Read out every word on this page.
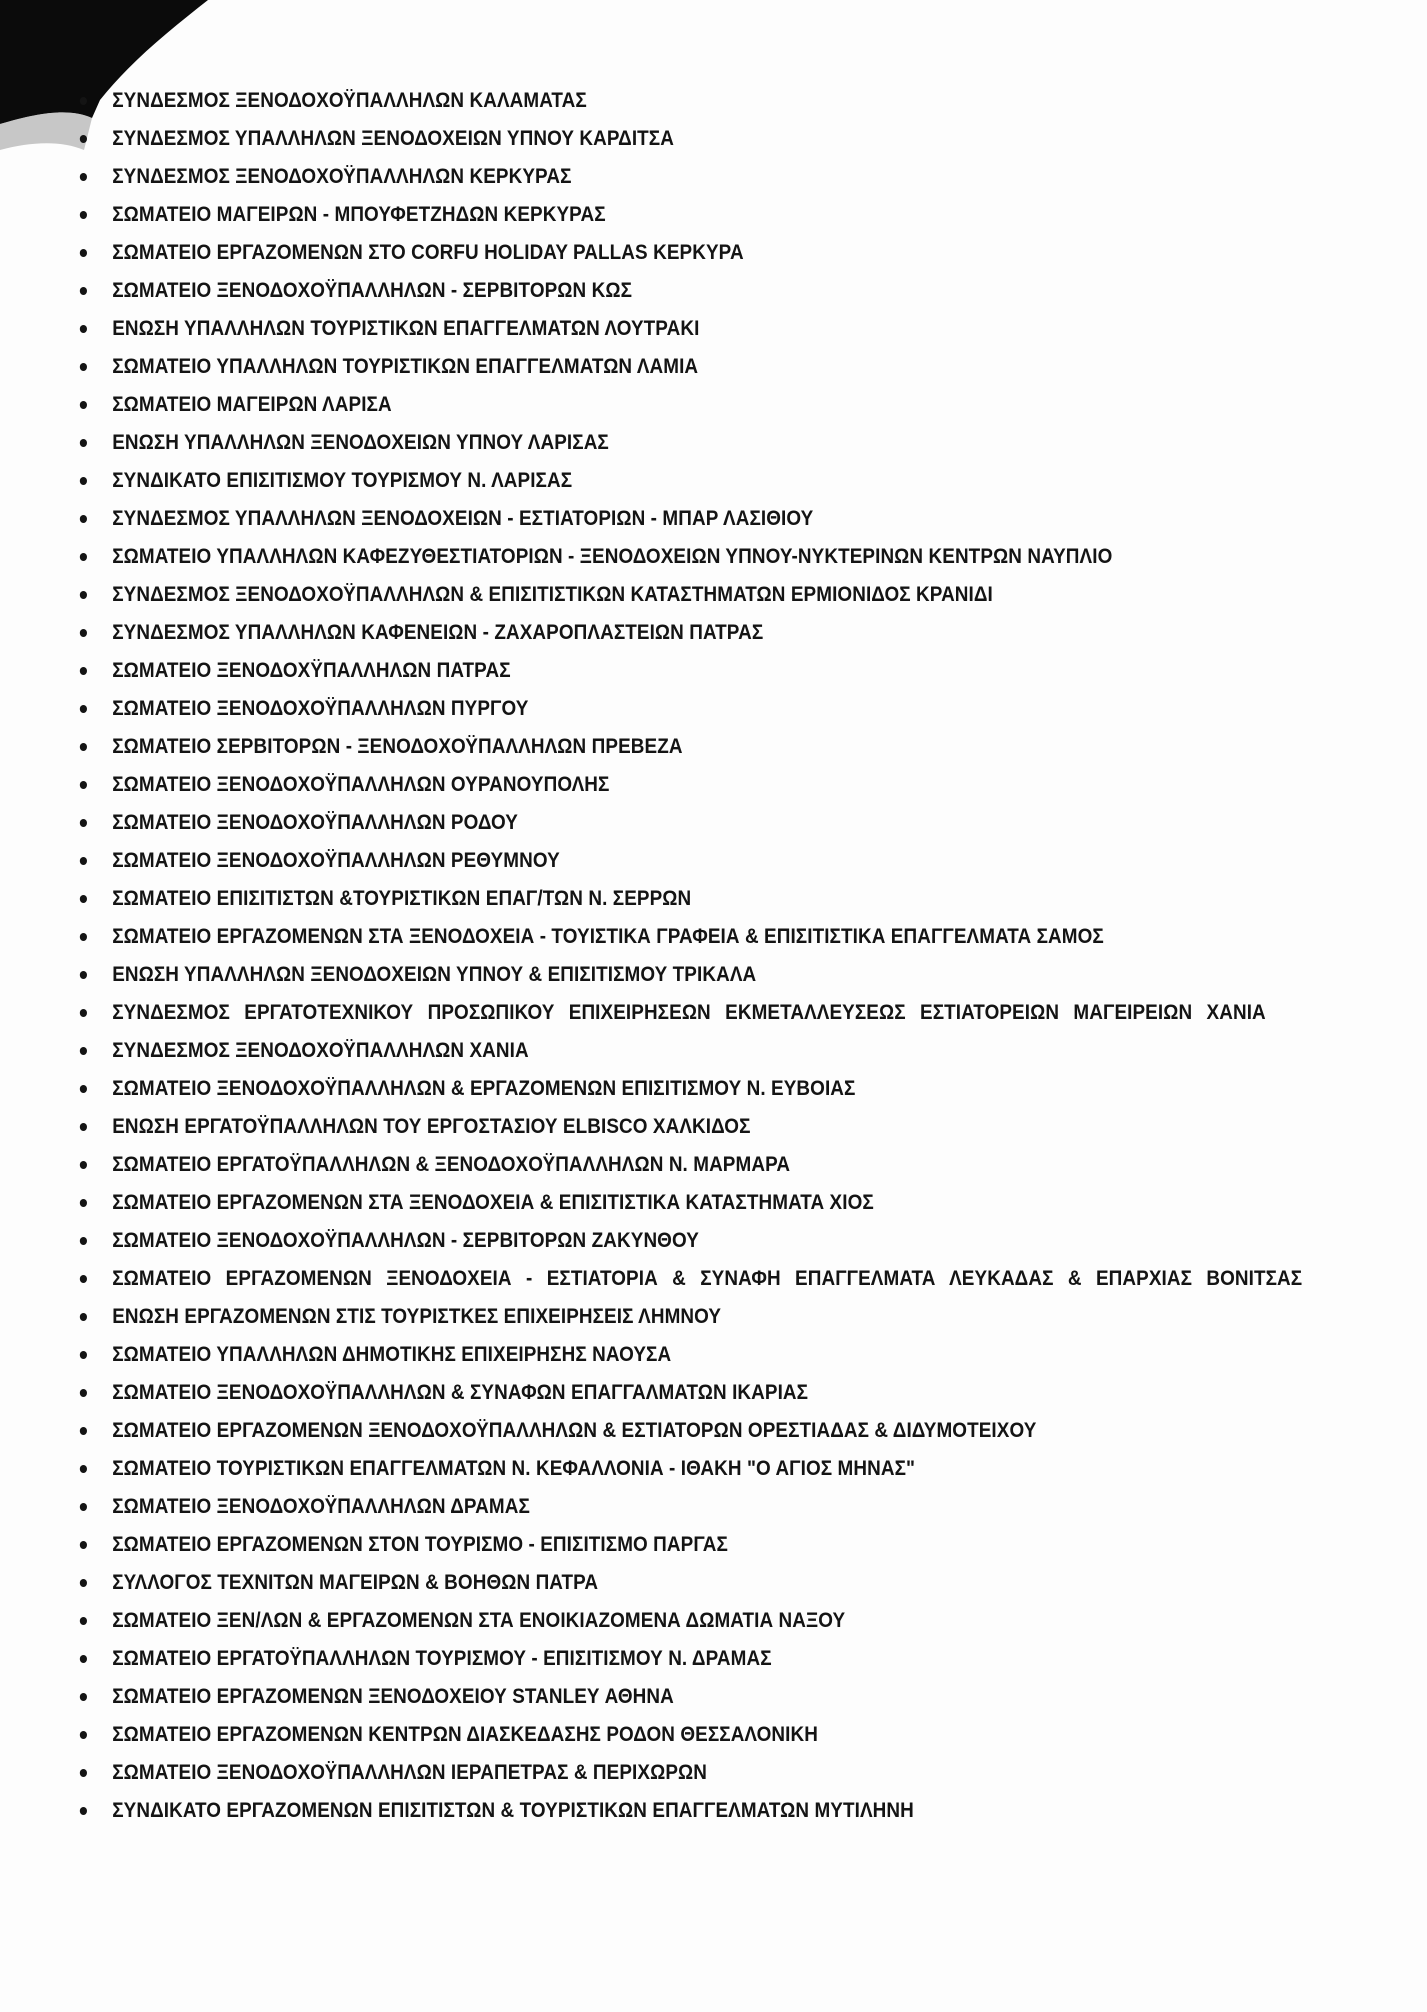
ΣΥΝΔΕΣΜΟΣ ΞΕΝΟΔΟΧΟΫΠΑΛΛΗΛΩΝ ΚΑΛΑΜΑΤΑΣ
ΣΥΝΔΕΣΜΟΣ ΥΠΑΛΛΗΛΩΝ ΞΕΝΟΔΟΧΕΙΩΝ ΥΠΝΟΥ ΚΑΡΔΙΤΣΑ
ΣΥΝΔΕΣΜΟΣ ΞΕΝΟΔΟΧΟΫΠΑΛΛΗΛΩΝ ΚΕΡΚΥΡΑΣ
ΣΩΜΑΤΕΙΟ ΜΑΓΕΙΡΩΝ - ΜΠΟΥΦΕΤΖΗΔΩΝ ΚΕΡΚΥΡΑΣ
ΣΩΜΑΤΕΙΟ ΕΡΓΑΖΟΜΕΝΩΝ ΣΤΟ CORFU HOLIDAY PALLAS ΚΕΡΚΥΡΑ
ΣΩΜΑΤΕΙΟ ΞΕΝΟΔΟΧΟΫΠΑΛΛΗΛΩΝ - ΣΕΡΒΙΤΟΡΩΝ ΚΩΣ
ΕΝΩΣΗ ΥΠΑΛΛΗΛΩΝ ΤΟΥΡΙΣΤΙΚΩΝ ΕΠΑΓΓΕΛΜΑΤΩΝ ΛΟΥΤΡΑΚΙ
ΣΩΜΑΤΕΙΟ ΥΠΑΛΛΗΛΩΝ ΤΟΥΡΙΣΤΙΚΩΝ ΕΠΑΓΓΕΛΜΑΤΩΝ ΛΑΜΙΑ
ΣΩΜΑΤΕΙΟ ΜΑΓΕΙΡΩΝ ΛΑΡΙΣΑ
ΕΝΩΣΗ ΥΠΑΛΛΗΛΩΝ ΞΕΝΟΔΟΧΕΙΩΝ ΥΠΝΟΥ ΛΑΡΙΣΑΣ
ΣΥΝΔΙΚΑΤΟ ΕΠΙΣΙΤΙΣΜΟΥ ΤΟΥΡΙΣΜΟΥ Ν. ΛΑΡΙΣΑΣ
ΣΥΝΔΕΣΜΟΣ ΥΠΑΛΛΗΛΩΝ ΞΕΝΟΔΟΧΕΙΩΝ - ΕΣΤΙΑΤΟΡΙΩΝ - ΜΠΑΡ ΛΑΣΙΘΙΟΥ
ΣΩΜΑΤΕΙΟ ΥΠΑΛΛΗΛΩΝ ΚΑΦΕΖΥΘΕΣΤΙΑΤΟΡΙΩΝ - ΞΕΝΟΔΟΧΕΙΩΝ ΥΠΝΟΥ-ΝΥΚΤΕΡΙΝΩΝ ΚΕΝΤΡΩΝ ΝΑΥΠΛΙΟ
ΣΥΝΔΕΣΜΟΣ ΞΕΝΟΔΟΧΟΫΠΑΛΛΗΛΩΝ & ΕΠΙΣΙΤΙΣΤΙΚΩΝ ΚΑΤΑΣΤΗΜΑΤΩΝ ΕΡΜΙΟΝΙΔΟΣ ΚΡΑΝΙΔΙ
ΣΥΝΔΕΣΜΟΣ ΥΠΑΛΛΗΛΩΝ ΚΑΦΕΝΕΙΩΝ - ΖΑΧΑΡΟΠΛΑΣΤΕΙΩΝ ΠΑΤΡΑΣ
ΣΩΜΑΤΕΙΟ ΞΕΝΟΔΟΧΫΠΑΛΛΗΛΩΝ ΠΑΤΡΑΣ
ΣΩΜΑΤΕΙΟ ΞΕΝΟΔΟΧΟΫΠΑΛΛΗΛΩΝ ΠΥΡΓΟΥ
ΣΩΜΑΤΕΙΟ ΣΕΡΒΙΤΟΡΩΝ - ΞΕΝΟΔΟΧΟΫΠΑΛΛΗΛΩΝ ΠΡΕΒΕΖΑ
ΣΩΜΑΤΕΙΟ ΞΕΝΟΔΟΧΟΫΠΑΛΛΗΛΩΝ ΟΥΡΑΝΟΥΠΟΛΗΣ
ΣΩΜΑΤΕΙΟ ΞΕΝΟΔΟΧΟΫΠΑΛΛΗΛΩΝ ΡΟΔΟΥ
ΣΩΜΑΤΕΙΟ ΞΕΝΟΔΟΧΟΫΠΑΛΛΗΛΩΝ ΡΕΘΥΜΝΟΥ
ΣΩΜΑΤΕΙΟ ΕΠΙΣΙΤΙΣΤΩΝ &ΤΟΥΡΙΣΤΙΚΩΝ ΕΠΑΓ/ΤΩΝ Ν. ΣΕΡΡΩΝ
ΣΩΜΑΤΕΙΟ ΕΡΓΑΖΟΜΕΝΩΝ ΣΤΑ ΞΕΝΟΔΟΧΕΙΑ - ΤΟΥΙΣΤΙΚΑ ΓΡΑΦΕΙΑ & ΕΠΙΣΙΤΙΣΤΙΚΑ ΕΠΑΓΓΕΛΜΑΤΑ ΣΑΜΟΣ
ΕΝΩΣΗ ΥΠΑΛΛΗΛΩΝ ΞΕΝΟΔΟΧΕΙΩΝ ΥΠΝΟΥ & ΕΠΙΣΙΤΙΣΜΟΥ ΤΡΙΚΑΛΑ
ΣΥΝΔΕΣΜΟΣ ΕΡΓΑΤΟΤΕΧΝΙΚΟΥ ΠΡΟΣΩΠΙΚΟΥ ΕΠΙΧΕΙΡΗΣΕΩΝ ΕΚΜΕΤΑΛΛΕΥΣΕΩΣ ΕΣΤΙΑΤΟΡΕΙΩΝ ΜΑΓΕΙΡΕΙΩΝ ΧΑΝΙΑ
ΣΥΝΔΕΣΜΟΣ ΞΕΝΟΔΟΧΟΫΠΑΛΛΗΛΩΝ ΧΑΝΙΑ
ΣΩΜΑΤΕΙΟ ΞΕΝΟΔΟΧΟΫΠΑΛΛΗΛΩΝ & ΕΡΓΑΖΟΜΕΝΩΝ ΕΠΙΣΙΤΙΣΜΟΥ Ν. ΕΥΒΟΙΑΣ
ΕΝΩΣΗ ΕΡΓΑΤΟΫΠΑΛΛΗΛΩΝ ΤΟΥ ΕΡΓΟΣΤΑΣΙΟΥ ELBISCO ΧΑΛΚΙΔΟΣ
ΣΩΜΑΤΕΙΟ ΕΡΓΑΤΟΫΠΑΛΛΗΛΩΝ & ΞΕΝΟΔΟΧΟΫΠΑΛΛΗΛΩΝ Ν. ΜΑΡΜΑΡΑ
ΣΩΜΑΤΕΙΟ ΕΡΓΑΖΟΜΕΝΩΝ ΣΤΑ ΞΕΝΟΔΟΧΕΙΑ & ΕΠΙΣΙΤΙΣΤΙΚΑ ΚΑΤΑΣΤΗΜΑΤΑ ΧΙΟΣ
ΣΩΜΑΤΕΙΟ ΞΕΝΟΔΟΧΟΫΠΑΛΛΗΛΩΝ - ΣΕΡΒΙΤΟΡΩΝ ΖΑΚΥΝΘΟΥ
ΣΩΜΑΤΕΙΟ ΕΡΓΑΖΟΜΕΝΩΝ ΞΕΝΟΔΟΧΕΙΑ - ΕΣΤΙΑΤΟΡΙΑ & ΣΥΝΑΦΗ ΕΠΑΓΓΕΛΜΑΤΑ ΛΕΥΚΑΔΑΣ & ΕΠΑΡΧΙΑΣ ΒΟΝΙΤΣΑΣ
ΕΝΩΣΗ ΕΡΓΑΖΟΜΕΝΩΝ ΣΤΙΣ ΤΟΥΡΙΣΤΚΕΣ ΕΠΙΧΕΙΡΗΣΕΙΣ ΛΗΜΝΟΥ
ΣΩΜΑΤΕΙΟ ΥΠΑΛΛΗΛΩΝ ΔΗΜΟΤΙΚΗΣ ΕΠΙΧΕΙΡΗΣΗΣ ΝΑΟΥΣΑ
ΣΩΜΑΤΕΙΟ ΞΕΝΟΔΟΧΟΫΠΑΛΛΗΛΩΝ & ΣΥΝΑΦΩΝ ΕΠΑΓΓΑΛΜΑΤΩΝ ΙΚΑΡΙΑΣ
ΣΩΜΑΤΕΙΟ ΕΡΓΑΖΟΜΕΝΩΝ ΞΕΝΟΔΟΧΟΫΠΑΛΛΗΛΩΝ & ΕΣΤΙΑΤΟΡΩΝ ΟΡΕΣΤΙΑΔΑΣ & ΔΙΔΥΜΟΤΕΙΧΟΥ
ΣΩΜΑΤΕΙΟ ΤΟΥΡΙΣΤΙΚΩΝ ΕΠΑΓΓΕΛΜΑΤΩΝ Ν. ΚΕΦΑΛΛΟΝΙΑ - ΙΘΑΚΗ "Ο ΑΓΙΟΣ ΜΗΝΑΣ"
ΣΩΜΑΤΕΙΟ ΞΕΝΟΔΟΧΟΫΠΑΛΛΗΛΩΝ ΔΡΑΜΑΣ
ΣΩΜΑΤΕΙΟ ΕΡΓΑΖΟΜΕΝΩΝ ΣΤΟΝ ΤΟΥΡΙΣΜΟ - ΕΠΙΣΙΤΙΣΜΟ ΠΑΡΓΑΣ
ΣΥΛΛΟΓΟΣ ΤΕΧΝΙΤΩΝ ΜΑΓΕΙΡΩΝ & ΒΟΗΘΩΝ ΠΑΤΡΑ
ΣΩΜΑΤΕΙΟ ΞΕΝ/ΛΩΝ & ΕΡΓΑΖΟΜΕΝΩΝ ΣΤΑ ΕΝΟΙΚΙΑΖΟΜΕΝΑ ΔΩΜΑΤΙΑ ΝΑΞΟΥ
ΣΩΜΑΤΕΙΟ ΕΡΓΑΤΟΫΠΑΛΛΗΛΩΝ ΤΟΥΡΙΣΜΟΥ - ΕΠΙΣΙΤΙΣΜΟΥ Ν. ΔΡΑΜΑΣ
ΣΩΜΑΤΕΙΟ ΕΡΓΑΖΟΜΕΝΩΝ ΞΕΝΟΔΟΧΕΙΟΥ STANLEY ΑΘΗΝΑ
ΣΩΜΑΤΕΙΟ ΕΡΓΑΖΟΜΕΝΩΝ ΚΕΝΤΡΩΝ ΔΙΑΣΚΕΔΑΣΗΣ ΡΟΔΟΝ ΘΕΣΣΑΛΟΝΙΚΗ
ΣΩΜΑΤΕΙΟ ΞΕΝΟΔΟΧΟΫΠΑΛΛΗΛΩΝ ΙΕΡΑΠΕΤΡΑΣ & ΠΕΡΙΧΩΡΩΝ
ΣΥΝΔΙΚΑΤΟ ΕΡΓΑΖΟΜΕΝΩΝ ΕΠΙΣΙΤΙΣΤΩΝ & ΤΟΥΡΙΣΤΙΚΩΝ ΕΠΑΓΓΕΛΜΑΤΩΝ ΜΥΤΙΛΗΝΗ
